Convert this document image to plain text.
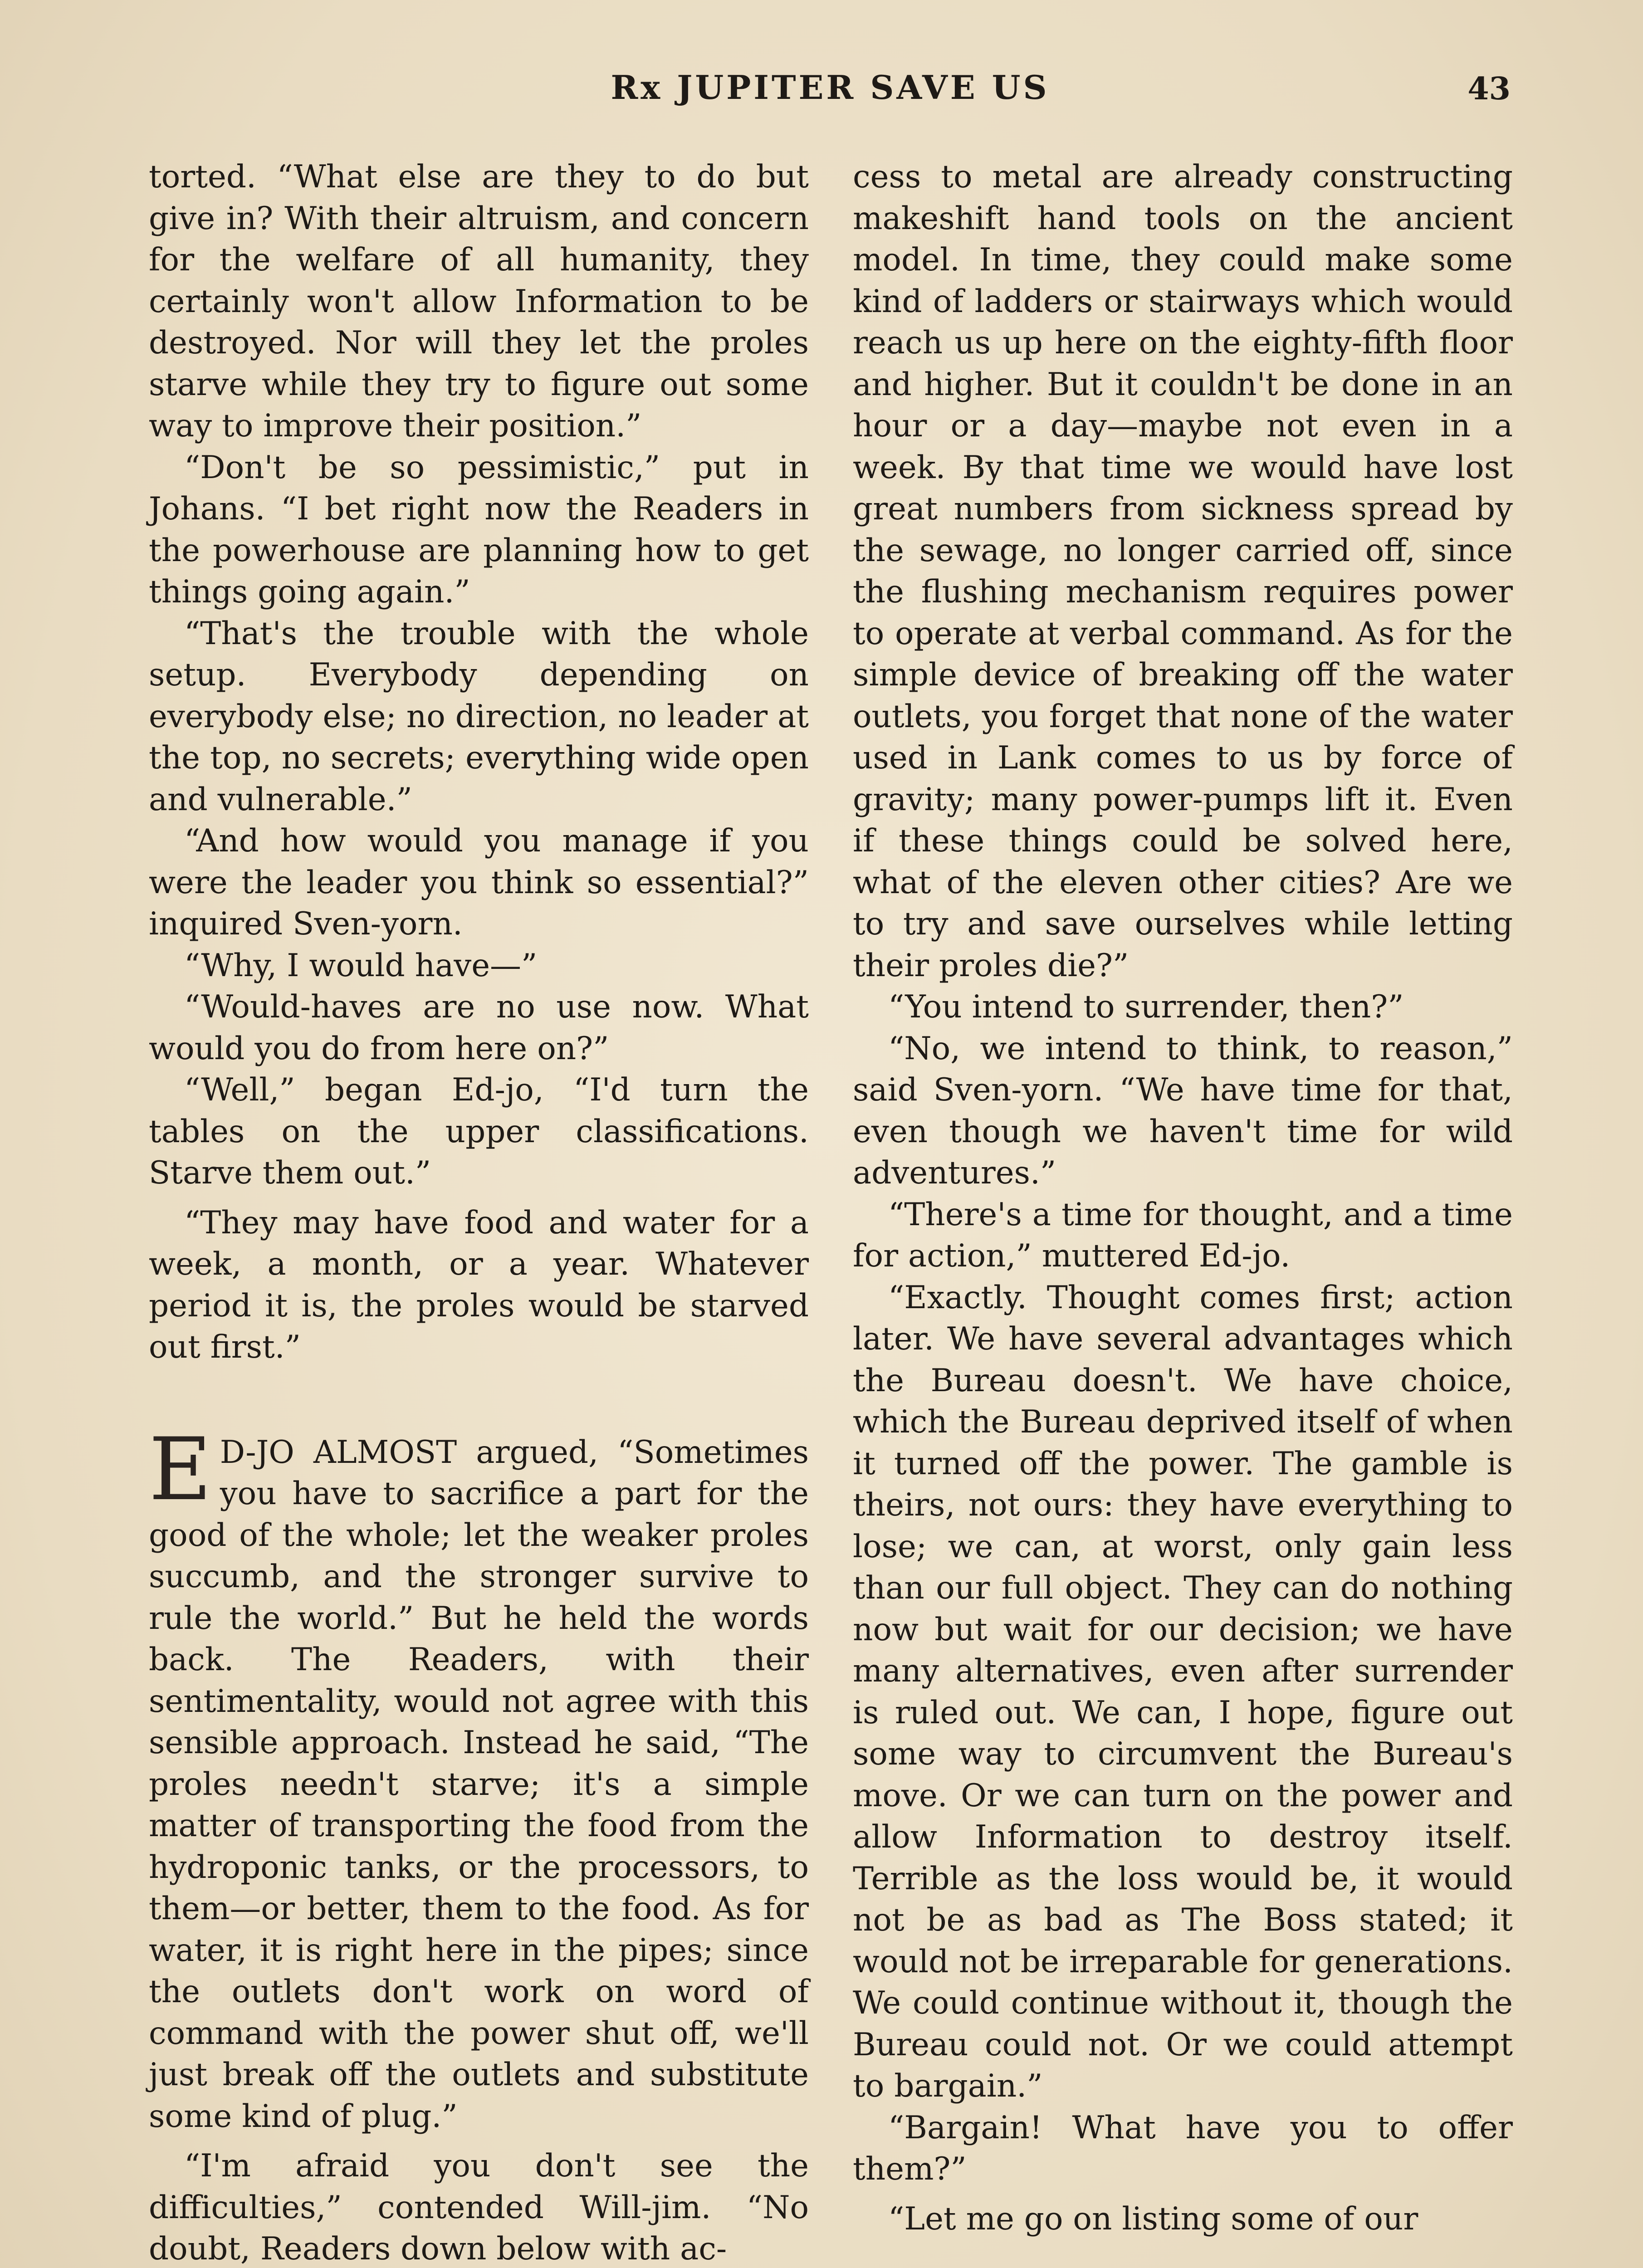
Rx JUPITER SAVE US	43

torted. “What else are they to do but give in? With their altruism, and concern for the welfare of all humanity, they certainly won't allow Information to be destroyed. Nor will they let the proles starve while they try to figure out some way to improve their position.”

“Don't be so pessimistic,” put in Johans. “I bet right now the Readers in the powerhouse are planning how to get things going again.”

“That's the trouble with the whole setup. Everybody depending on everybody else; no direction, no leader at the top, no secrets; everything wide open and vulnerable.”

“And how would you manage if you were the leader you think so essential?” inquired Sven-yorn.

“Why, I would have—”

“Would-haves are no use now. What would you do from here on?”

“Well,” began Ed-jo, “I'd turn the tables on the upper classifications. Starve them out.”

“They may have food and water for a week, a month, or a year. Whatever period it is, the proles would be starved out first.”

E D-JO ALMOST argued, “Sometimes you have to sacrifice a part for the good of the whole; let the weaker proles succumb, and the stronger survive to rule the world.” But he held the words back. The Readers, with their sentimentality, would not agree with this sensible approach. Instead he said, “The proles needn't starve; it's a simple matter of transporting the food from the hydroponic tanks, or the processors, to them—or better, them to the food. As for water, it is right here in the pipes; since the outlets don't work on word of command with the power shut off, we'll just break off the outlets and substitute some kind of plug.”

“I'm afraid you don't see the difficulties,” contended Will-jim. “No doubt, Readers down below with ac-

cess to metal are already constructing makeshift hand tools on the ancient model. In time, they could make some kind of ladders or stairways which would reach us up here on the eighty-fifth floor and higher. But it couldn't be done in an hour or a day—maybe not even in a week. By that time we would have lost great numbers from sickness spread by the sewage, no longer carried off, since the flushing mechanism requires power to operate at verbal command. As for the simple device of breaking off the water outlets, you forget that none of the water used in Lank comes to us by force of gravity; many power-pumps lift it. Even if these things could be solved here, what of the eleven other cities? Are we to try and save ourselves while letting their proles die?”

“You intend to surrender, then?”

“No, we intend to think, to reason,” said Sven-yorn. “We have time for that, even though we haven't time for wild adventures.”

“There's a time for thought, and a time for action,” muttered Ed-jo.

“Exactly. Thought comes first; action later. We have several advantages which the Bureau doesn't. We have choice, which the Bureau deprived itself of when it turned off the power. The gamble is theirs, not ours: they have everything to lose; we can, at worst, only gain less than our full object. They can do nothing now but wait for our decision; we have many alternatives, even after surrender is ruled out. We can, I hope, figure out some way to circumvent the Bureau's move. Or we can turn on the power and allow Information to destroy itself. Terrible as the loss would be, it would not be as bad as The Boss stated; it would not be irreparable for generations. We could continue without it, though the Bureau could not. Or we could attempt to bargain.”

“Bargain! What have you to offer them?”

“Let me go on listing some of our
